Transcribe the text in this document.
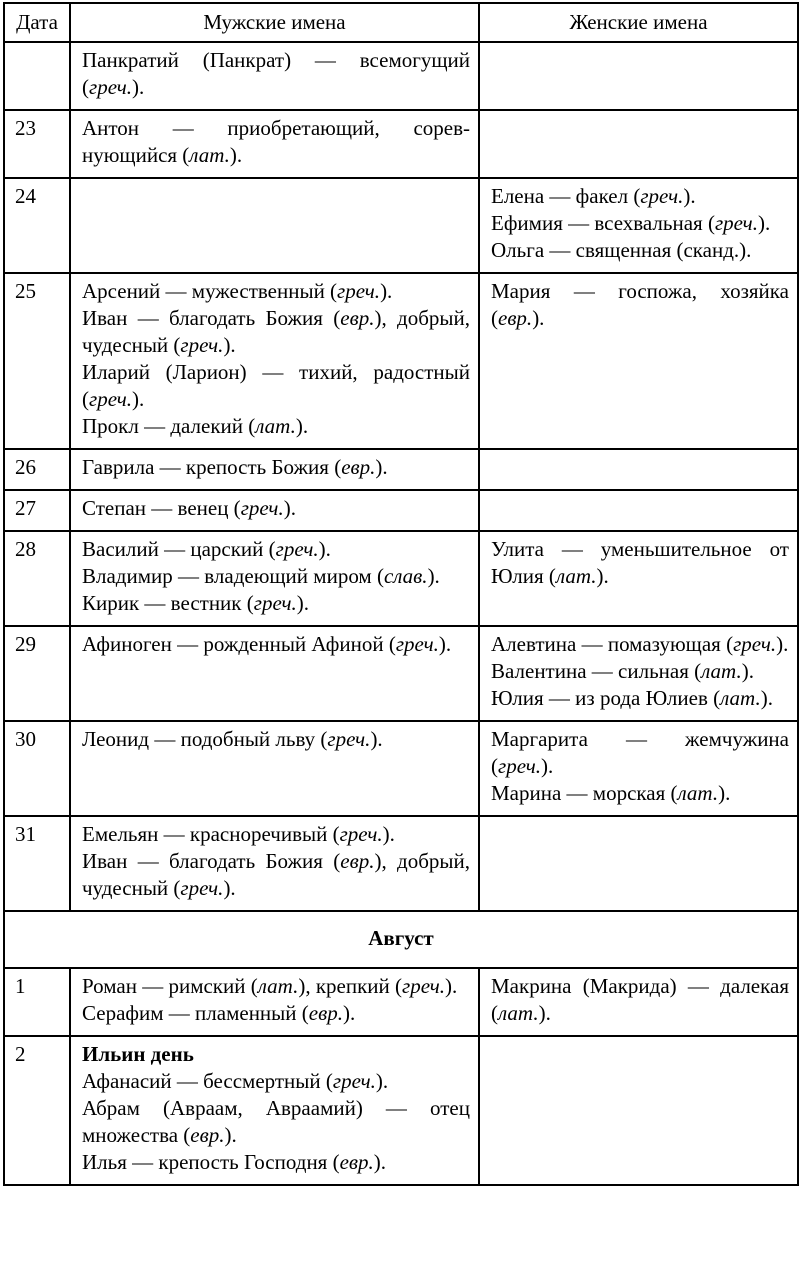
Дата	Мужские имена	Женские имена

	Панкратий (Панкрат) — всемогущий (греч.).	

23	Антон — приобретающий, соревнующийся (лат.).	

24		Елена — факел (греч.).
Ефимия — всехвальная (греч.).
Ольга — священная (сканд.).

25	Арсений — мужественный (греч.).
Иван — благодать Божия (евр.), добрый, чудесный (греч.).
Иларий (Ларион) — тихий, радостный (греч.).
Прокл — далекий (лат.).	Мария — госпожа, хозяйка (евр.).

26	Гаврила — крепость Божия (евр.).	

27	Степан — венец (греч.).	

28	Василий — царский (греч.).
Владимир — владеющий миром (слав.).
Кирик — вестник (греч.).	Улита — уменьшительное от Юлия (лат.).

29	Афиноген — рожденный Афиной (греч.).	Алевтина — помазующая (греч.).
Валентина — сильная (лат.).
Юлия — из рода Юлиев (лат.).

30	Леонид — подобный льву (греч.).	Маргарита — жемчужина (греч.).
Марина — морская (лат.).

31	Емельян — красноречивый (греч.).
Иван — благодать Божия (евр.), добрый, чудесный (греч.).	

Август		
1	Роман — римский (лат.), крепкий (греч.).
Серафим — пламенный (евр.).	Макрина (Макрида) — далекая (лат.).

2	Ильин день
Афанасий — бессмертный (греч.).
Абрам (Авраам, Авраамий) — отец множества (евр.).
Илья — крепость Господня (евр.).	
